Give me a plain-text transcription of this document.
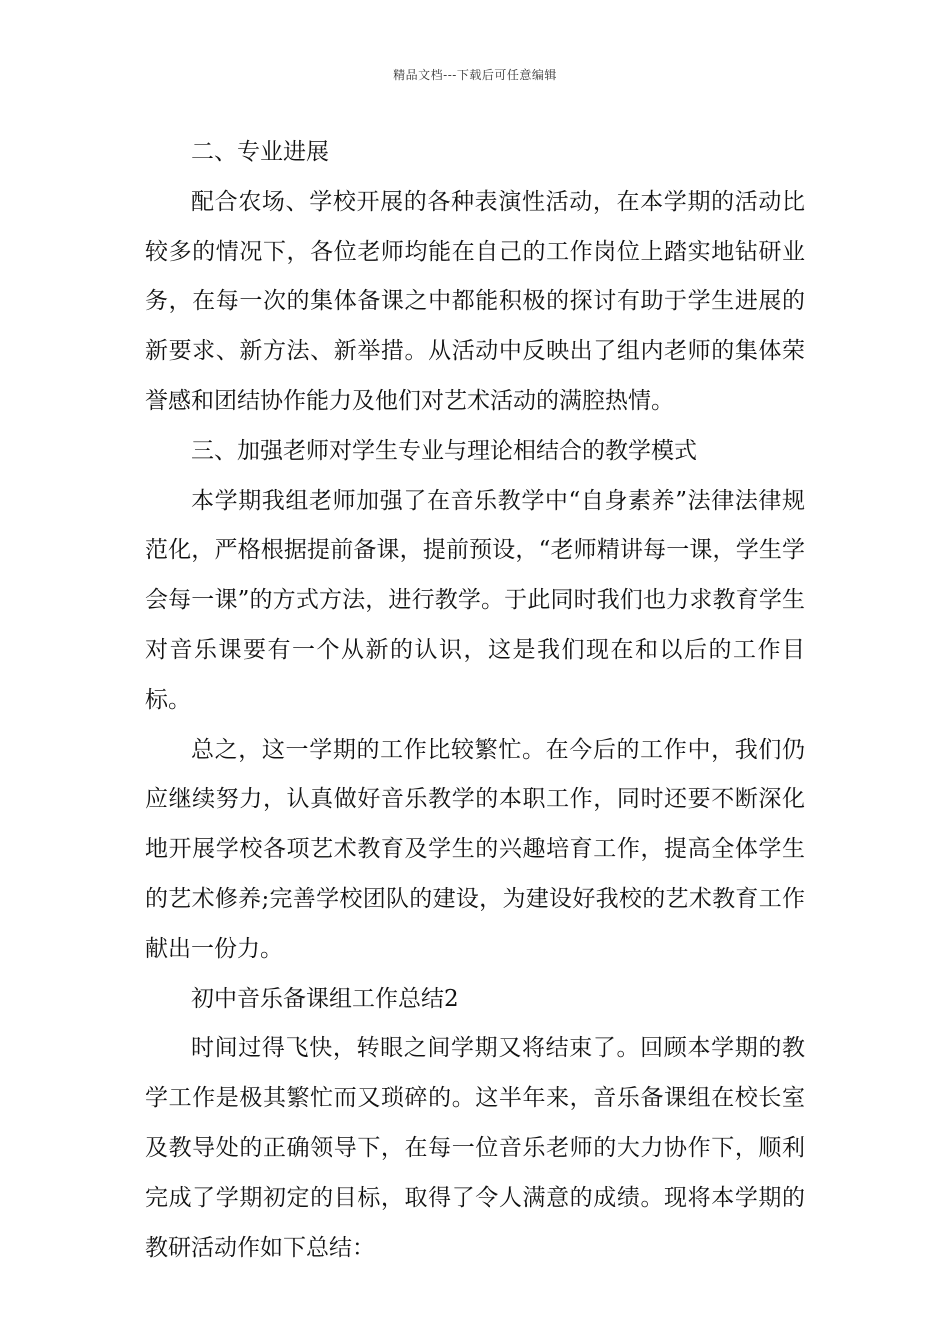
精品文档---下载后可任意编辑

二、专业进展

配合农场、学校开展的各种表演性活动，在本学期的活动比较多的情况下，各位老师均能在自己的工作岗位上踏实地钻研业务，在每一次的集体备课之中都能积极的探讨有助于学生进展的新要求、新方法、新举措。从活动中反映出了组内老师的集体荣誉感和团结协作能力及他们对艺术活动的满腔热情。

三、加强老师对学生专业与理论相结合的教学模式

本学期我组老师加强了在音乐教学中“自身素养”法律法律规范化，严格根据提前备课，提前预设，“老师精讲每一课，学生学会每一课”的方式方法，进行教学。于此同时我们也力求教育学生对音乐课要有一个从新的认识，这是我们现在和以后的工作目标。

总之，这一学期的工作比较繁忙。在今后的工作中，我们仍应继续努力，认真做好音乐教学的本职工作，同时还要不断深化地开展学校各项艺术教育及学生的兴趣培育工作，提高全体学生的艺术修养;完善学校团队的建设，为建设好我校的艺术教育工作献出一份力。

初中音乐备课组工作总结2

时间过得飞快，转眼之间学期又将结束了。回顾本学期的教学工作是极其繁忙而又琐碎的。这半年来，音乐备课组在校长室及教导处的正确领导下，在每一位音乐老师的大力协作下，顺利完成了学期初定的目标，取得了令人满意的成绩。现将本学期的教研活动作如下总结：
